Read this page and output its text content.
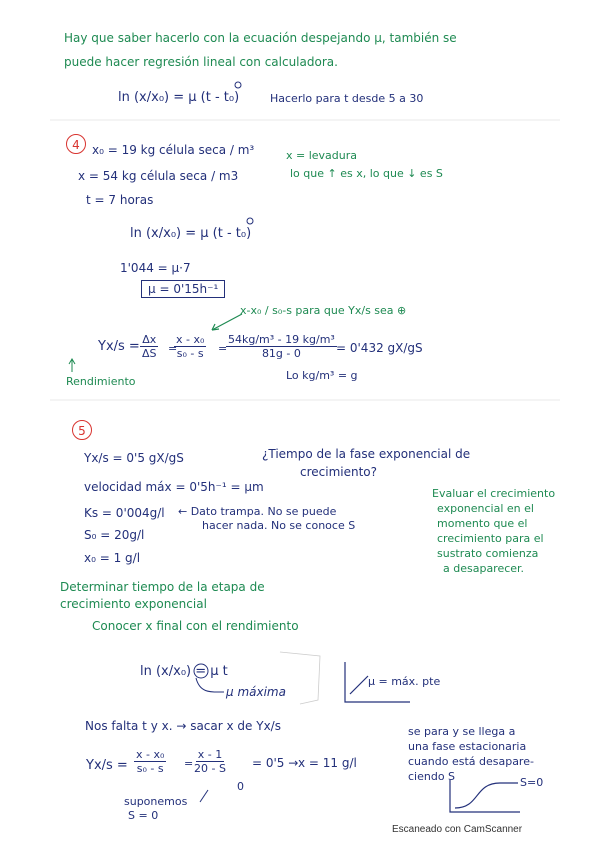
Hay que saber hacerlo con la ecuación despejando μ, también se
puede hacer regresión lineal con calculadora.
ln (x/x₀) = μ (t - t₀)	Hacerlo para t desde 5 a 30
4	x₀ = 19 kg célula seca / m³	x = levadura
x = 54 kg célula seca / m3	lo que ↑ es x, lo que ↓ es S
t = 7 horas
ln (x/x₀) = μ (t - t₀)
1'044 = μ·7
μ = 0'15h⁻¹
x-x₀ / s₀-s para que Yx/s sea ⊕
$Yx/s = \frac{\Delta x}{\Delta S}$ =
$\frac{\text{x - x₀}}{\text{s₀ - s}}$ =
$\frac{\text{54kg/m³ - 19 kg/m³}}{81g - 0} = 0'432$ gX/gS
Lo kg/m³ = g
Rendimiento
5
Yx/s = 0'5 gX/gS	¿Tiempo de la fase exponencial de
crecimiento?
velocidad máx = 0'5h⁻¹ = μm
Ks = 0'004g/l ← Dato trampa. No se puede
hacer nada. No se conoce S
S₀ = 20g/l
x₀ = 1 g/l
Evaluar el crecimiento
exponencial en el
momento que el
crecimiento para el
sustrato comienza
a desaparecer.
Determinar tiempo de la etapa de
crecimiento exponencial
Conocer x final con el rendimiento
ln (x/x₀) = μ t
μ máxima
μ = máx. pte
Nos falta t y x. → sacar x de Yx/s
$Yx/s = \frac{\text{x - x₀}}{\text{s₀ - s}}$ =
$\frac{x - 1}{20 - S} = 0'5 \to x = 11$ g/l
0
suponemos
S = 0
se para y se llega a
una fase estacionaria
cuando está desapare-
ciendo S	S=0
Escaneado con CamScanner
